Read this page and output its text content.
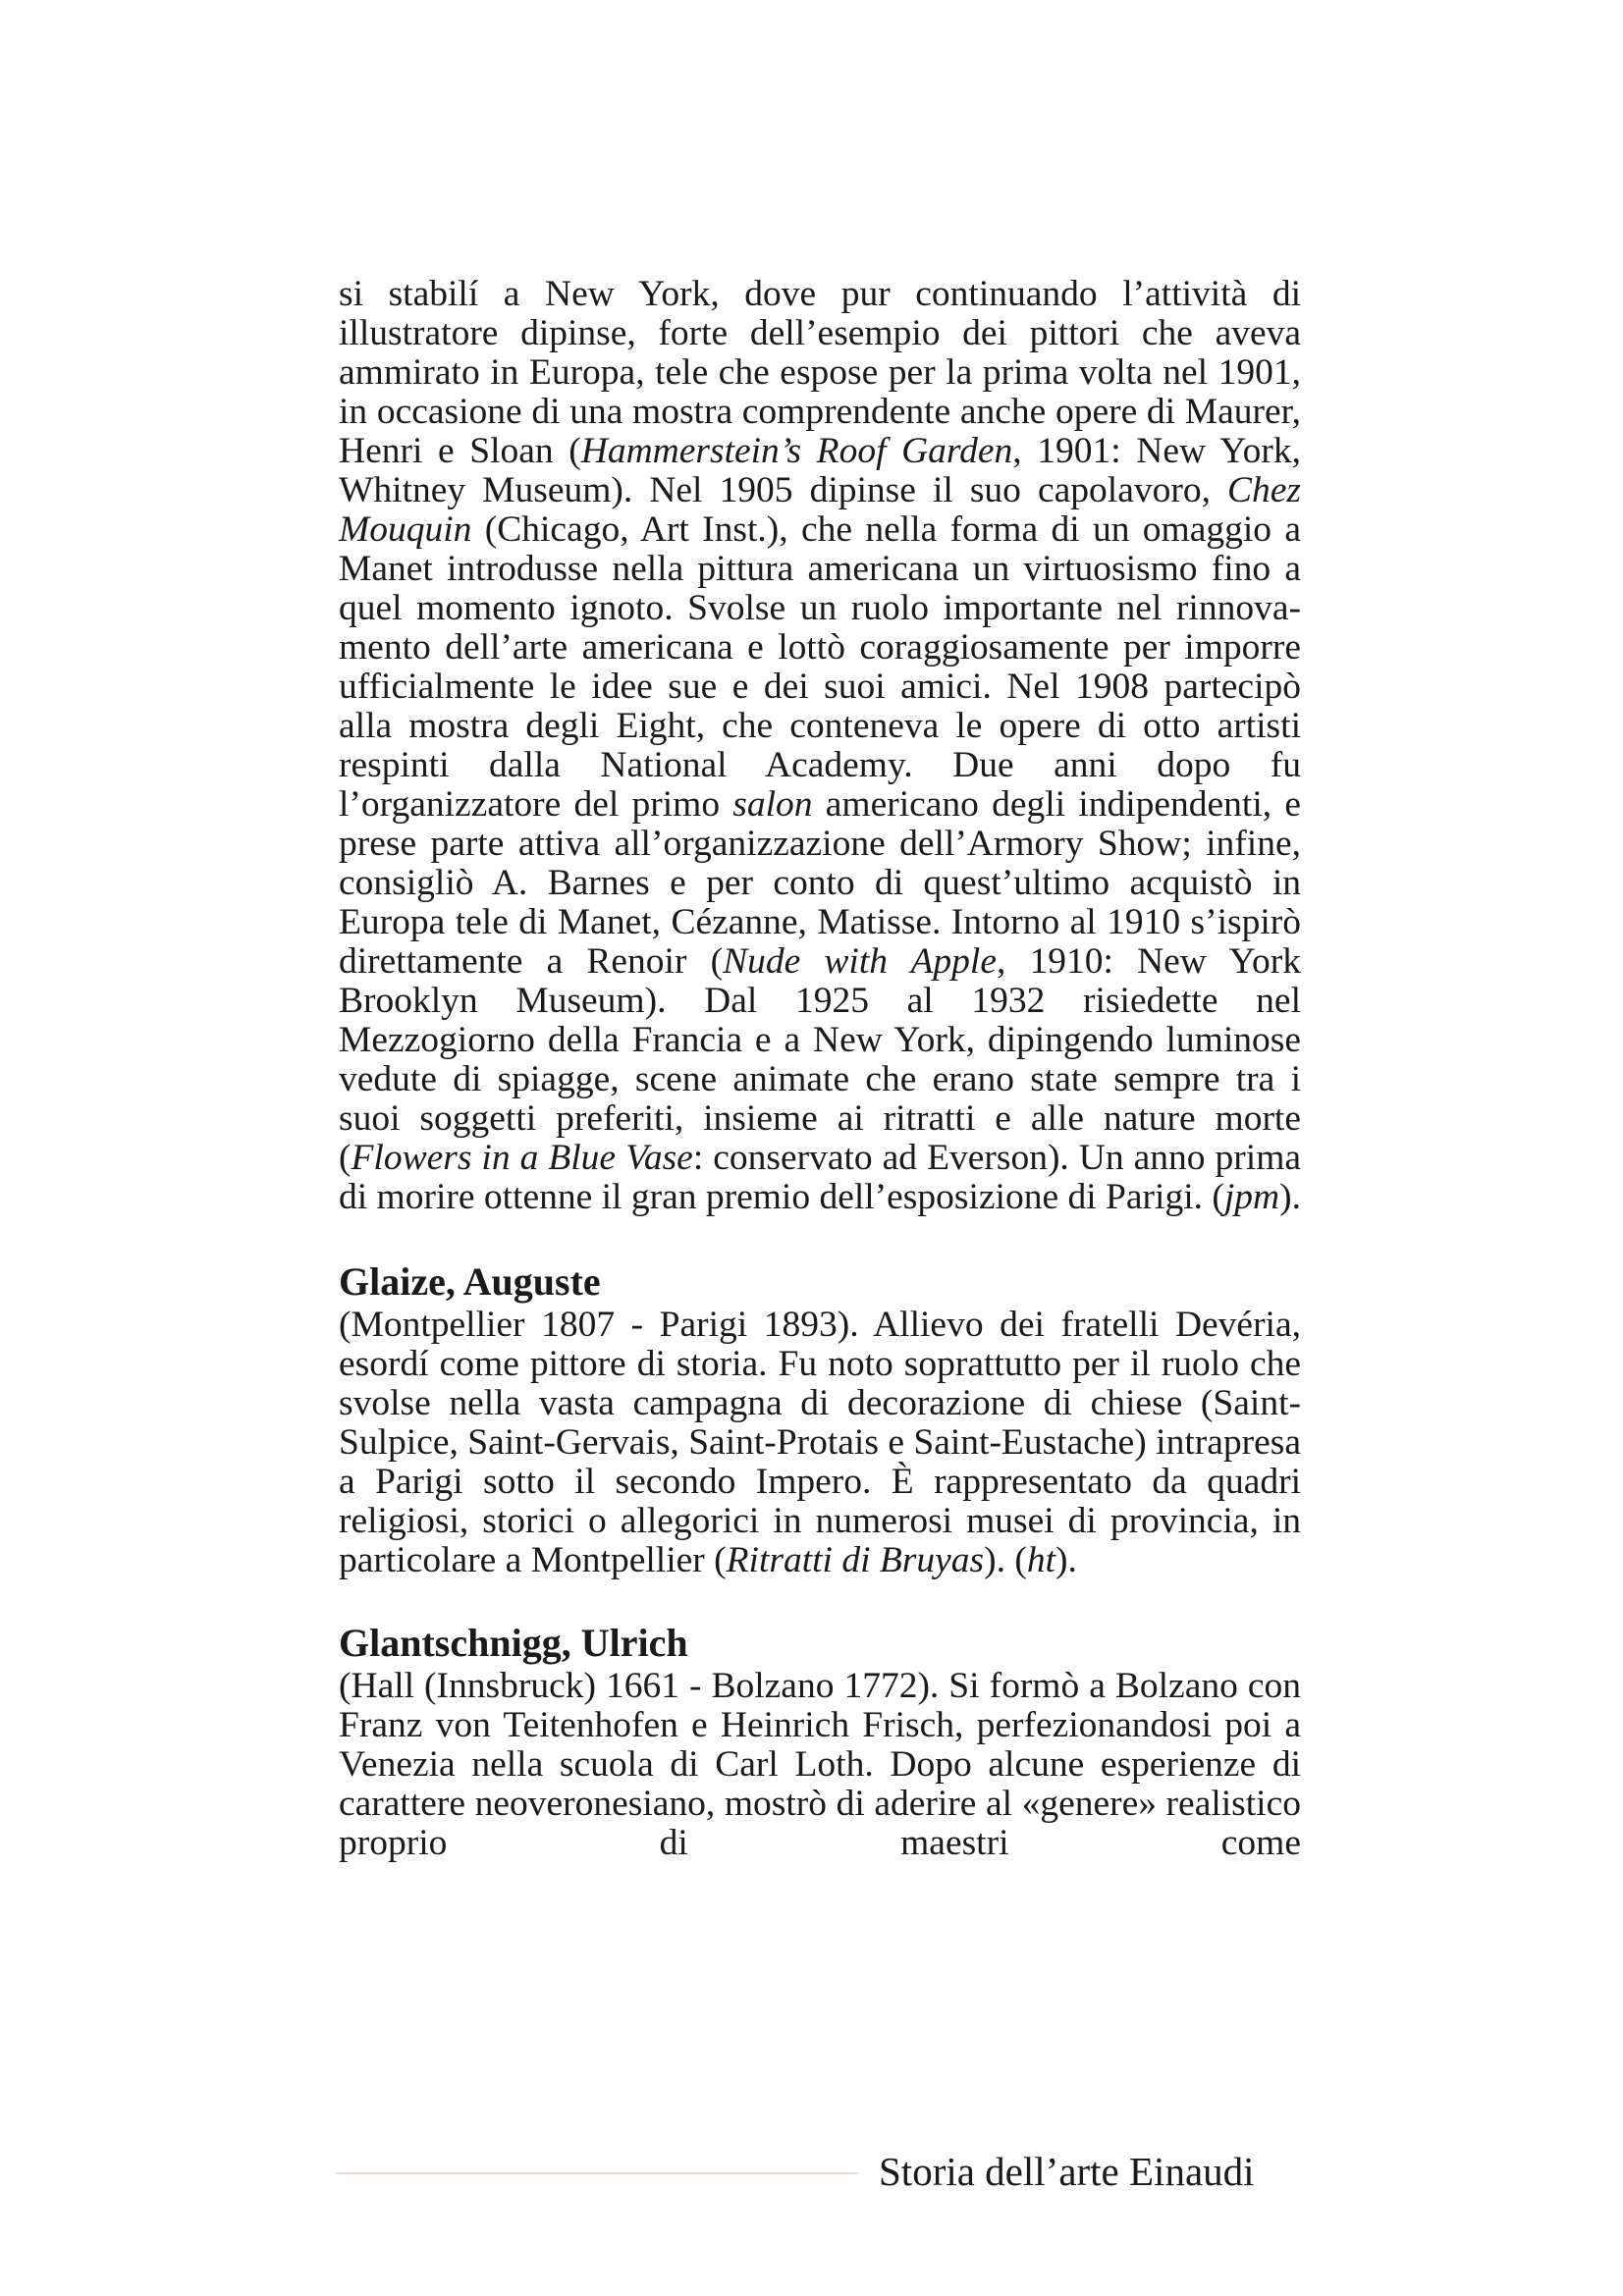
si stabilí a New York, dove pur continuando l’attività di illustratore dipinse, forte dell’esempio dei pittori che aveva ammirato in Europa, tele che espose per la prima volta nel 1901, in occasione di una mostra comprendente anche opere di Maurer, Henri e Sloan (Hammerstein’s Roof Garden, 1901: New York, Whitney Museum). Nel 1905 dipinse il suo capolavoro, Chez Mouquin (Chicago, Art Inst.), che nella forma di un omaggio a Manet introdusse nella pittura americana un virtuosismo fino a quel momento ignoto. Svolse un ruolo importante nel rinnovamento dell’arte americana e lottò coraggiosamente per imporre ufficialmente le idee sue e dei suoi amici. Nel 1908 partecipò alla mostra degli Eight, che conteneva le opere di otto artisti respinti dalla National Academy. Due anni dopo fu l’organizzatore del primo salon americano degli indipendenti, e prese parte attiva all’organizzazione dell’Armory Show; infine, consigliò A. Barnes e per conto di quest’ultimo acquistò in Europa tele di Manet, Cézanne, Matisse. Intorno al 1910 s’ispirò direttamente a Renoir (Nude with Apple, 1910: New York Brooklyn Museum). Dal 1925 al 1932 risiedette nel Mezzogiorno della Francia e a New York, dipingendo luminose vedute di spiagge, scene animate che erano state sempre tra i suoi soggetti preferiti, insieme ai ritratti e alle nature morte (Flowers in a Blue Vase: conservato ad Everson). Un anno prima di morire ottenne il gran premio dell’esposizione di Parigi. (jpm).

Glaize, Auguste

(Montpellier 1807 - Parigi 1893). Allievo dei fratelli Devéria, esordí come pittore di storia. Fu noto soprattutto per il ruolo che svolse nella vasta campagna di decorazione di chiese (Saint-Sulpice, Saint-Gervais, Saint-Protais e Saint-Eustache) intrapresa a Parigi sotto il secondo Impero. È rappresentato da quadri religiosi, storici o allegorici in numerosi musei di provincia, in particolare a Montpellier (Ritratti di Bruyas). (ht).

Glantschnigg, Ulrich

(Hall (Innsbruck) 1661 - Bolzano 1772). Si formò a Bolzano con Franz von Teitenhofen e Heinrich Frisch, perfezionandosi poi a Venezia nella scuola di Carl Loth. Dopo alcune esperienze di carattere neoveronesiano, mostrò di aderire al «genere» realistico proprio di maestri come

Storia dell’arte Einaudi
